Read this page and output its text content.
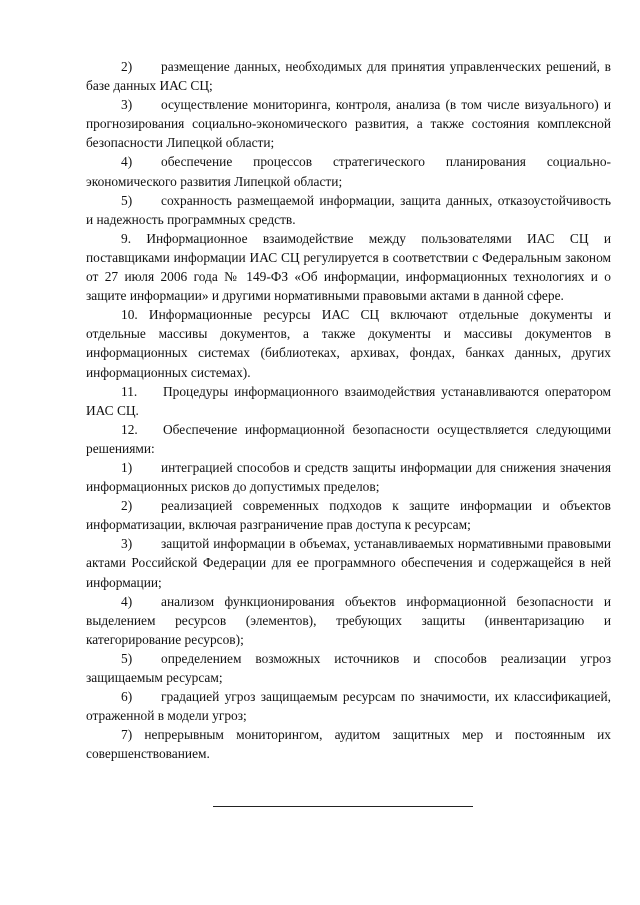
2) размещение данных, необходимых для принятия управленческих решений, в базе данных ИАС СЦ;

3) осуществление мониторинга, контроля, анализа (в том числе визуального) и прогнозирования социально-экономического развития, а также состояния комплексной безопасности Липецкой области;

4) обеспечение процессов стратегического планирования социально-экономического развития Липецкой области;

5) сохранность размещаемой информации, защита данных, отказоустойчивость и надежность программных средств.

9. Информационное взаимодействие между пользователями ИАС СЦ и поставщиками информации ИАС СЦ регулируется в соответствии с Федеральным законом от 27 июля 2006 года № 149-ФЗ «Об информации, информационных технологиях и о защите информации» и другими нормативными правовыми актами в данной сфере.

10. Информационные ресурсы ИАС СЦ включают отдельные документы и отдельные массивы документов, а также документы и массивы документов в информационных системах (библиотеках, архивах, фондах, банках данных, других информационных системах).

11. Процедуры информационного взаимодействия устанавливаются оператором ИАС СЦ.

12. Обеспечение информационной безопасности осуществляется следующими решениями:

1) интеграцией способов и средств защиты информации для снижения значения информационных рисков до допустимых пределов;

2) реализацией современных подходов к защите информации и объектов информатизации, включая разграничение прав доступа к ресурсам;

3) защитой информации в объемах, устанавливаемых нормативными правовыми актами Российской Федерации для ее программного обеспечения и содержащейся в ней информации;

4) анализом функционирования объектов информационной безопасности и выделением ресурсов (элементов), требующих защиты (инвентаризацию и категорирование ресурсов);

5) определением возможных источников и способов реализации угроз защищаемым ресурсам;

6) градацией угроз защищаемым ресурсам по значимости, их классификацией, отраженной в модели угроз;

7) непрерывным мониторингом, аудитом защитных мер и постоянным их совершенствованием.
